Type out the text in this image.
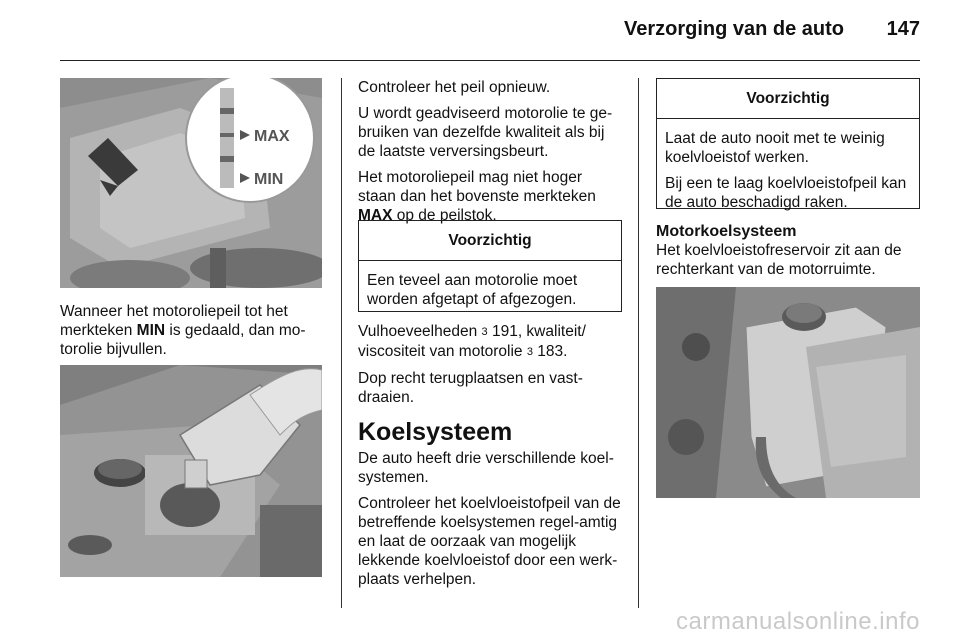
Verzorging van de auto 147
MAX
MIN

Wanneer het motoroliepeil tot het merkteken MIN is gedaald, dan mo-torolie bijvullen.

Controleer het peil opnieuw.

U wordt geadviseerd motorolie te ge-bruiken van dezelfde kwaliteit als bij de laatste verversingsbeurt.

Het motoroliepeil mag niet hoger staan dan het bovenste merkteken MAX op de peilstok.

Voorzichtig

Een teveel aan motorolie moet worden afgetapt of afgezogen.

Vulhoeveelheden 3 191, kwaliteit/ viscositeit van motorolie 3 183.

Dop recht terugplaatsen en vast-draaien.

Koelsysteem

De auto heeft drie verschillende koel-systemen.

Controleer het koelvloeistofpeil van de betreffende koelsystemen regel-amtig en laat de oorzaak van mogelijk lekkende koelvloeistof door een werk-plaats verhelpen.

Voorzichtig

Laat de auto nooit met te weinig koelvloeistof werken.

Bij een te laag koelvloeistofpeil kan de auto beschadigd raken.

Motorkoelsysteem

Het koelvloeistofreservoir zit aan de rechterkant van de motorruimte.

carmanualsonline.info
